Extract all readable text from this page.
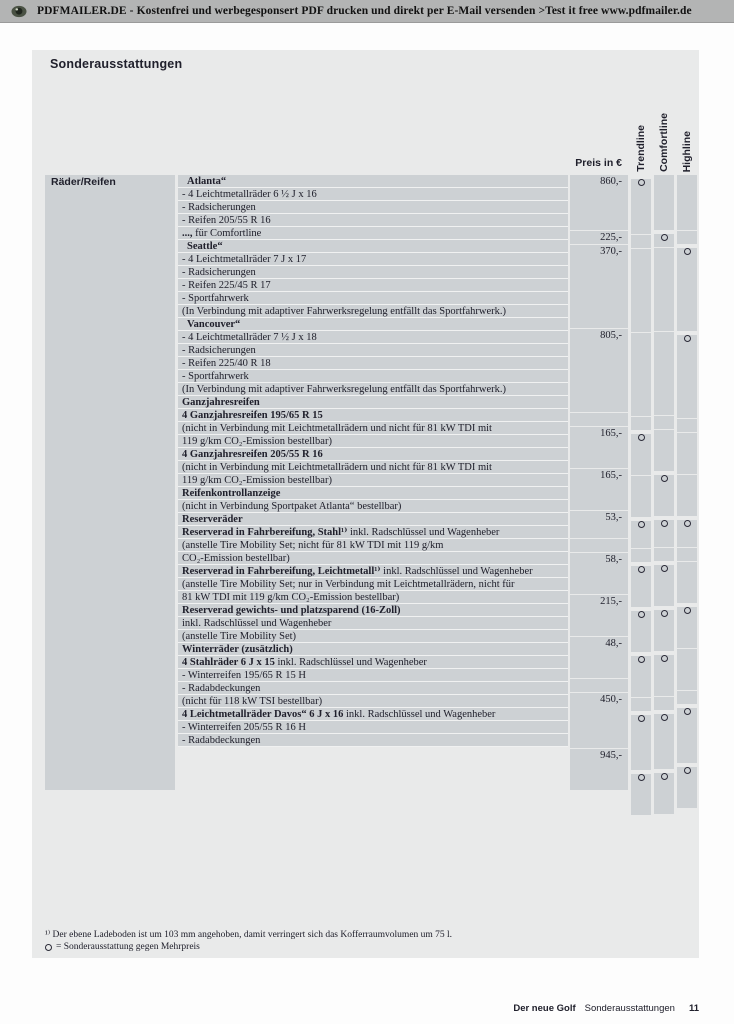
PDFMAILER.DE - Kostenfrei und werbegesponsert PDF drucken und direkt per E-Mail versenden >Test it free www.pdfmailer.de
Sonderausstattungen
Preis in € Trendline Comfortline Highline
Räder/Reifen	Atlanta“
- 4 Leichtmetallräder 6 ½ J x 16
- Radsicherungen
- Reifen 205/55 R 16
..., für Comfortline
Seattle“
- 4 Leichtmetallräder 7 J x 17
- Radsicherungen
- Reifen 225/45 R 17
- Sportfahrwerk
(In Verbindung mit adaptiver Fahrwerksregelung entfällt das Sportfahrwerk.)
Vancouver“
- 4 Leichtmetallräder 7 ½ J x 18
- Radsicherungen
- Reifen 225/40 R 18
- Sportfahrwerk
(In Verbindung mit adaptiver Fahrwerksregelung entfällt das Sportfahrwerk.)
Ganzjahresreifen
4 Ganzjahresreifen 195/65 R 15
(nicht in Verbindung mit Leichtmetallrädern und nicht für 81 kW TDI mit
119 g/km CO₂-Emission bestellbar)
4 Ganzjahresreifen 205/55 R 16
(nicht in Verbindung mit Leichtmetallrädern und nicht für 81 kW TDI mit
119 g/km CO₂-Emission bestellbar)
Reifenkontrollanzeige
(nicht in Verbindung Sportpaket Atlanta“ bestellbar)
Reserveräder
Reserverad in Fahrbereifung, Stahl¹⁾ inkl. Radschlüssel und Wagenheber
(anstelle Tire Mobility Set; nicht für 81 kW TDI mit 119 g/km
CO₂-Emission bestellbar)
Reserverad in Fahrbereifung, Leichtmetall¹⁾ inkl. Radschlüssel und Wagenheber
(anstelle Tire Mobility Set; nur in Verbindung mit Leichtmetallrädern, nicht für
81 kW TDI mit 119 g/km CO₂-Emission bestellbar)
Reserverad gewichts- und platzsparend (16-Zoll)
inkl. Radschlüssel und Wagenheber
(anstelle Tire Mobility Set)
Winterräder (zusätzlich)
4 Stahlräder 6 J x 15 inkl. Radschlüssel und Wagenheber
- Winterreifen 195/65 R 15 H
- Radabdeckungen
(nicht für 118 kW TSI bestellbar)
4 Leichtmetallräder Davos“ 6 J x 16 inkl. Radschlüssel und Wagenheber
- Winterreifen 205/55 R 16 H
- Radabdeckungen
860,-
225,-
370,-
805,-
165,-
165,-
53,-
58,-
215,-
48,-
450,-
945,-
¹⁾ Der ebene Ladeboden ist um 103 mm angehoben, damit verringert sich das Kofferraumvolumen um 75 l.
= Sonderausstattung gegen Mehrpreis
Der neue Golf Sonderausstattungen 11
